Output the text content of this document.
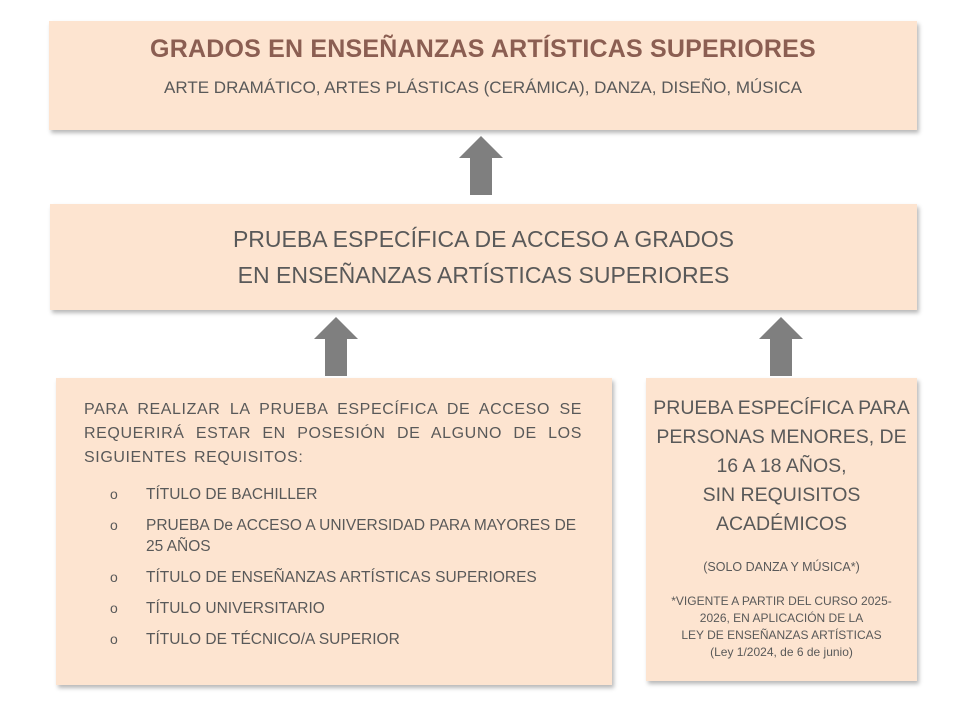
GRADOS EN ENSEÑANZAS ARTÍSTICAS SUPERIORES
ARTE DRAMÁTICO, ARTES PLÁSTICAS (CERÁMICA), DANZA, DISEÑO, MÚSICA
PRUEBA ESPECÍFICA DE ACCESO A GRADOS
EN ENSEÑANZAS ARTÍSTICAS SUPERIORES

PARA REALIZAR LA PRUEBA ESPECÍFICA DE ACCESO SE REQUERIRÁ ESTAR EN POSESIÓN DE ALGUNO DE LOS SIGUIENTES REQUISITOS:

o	TÍTULO DE BACHILLER
o	PRUEBA De ACCESO A UNIVERSIDAD PARA MAYORES DE 25 AÑOS
o	TÍTULO DE ENSEÑANZAS ARTÍSTICAS SUPERIORES
o	TÍTULO UNIVERSITARIO
o	TÍTULO DE TÉCNICO/A SUPERIOR
PRUEBA ESPECÍFICA PARA
PERSONAS MENORES, DE
16 A 18 AÑOS,
SIN REQUISITOS
ACADÉMICOS
(SOLO DANZA Y MÚSICA*)
*VIGENTE A PARTIR DEL CURSO 2025-
2026, EN APLICACIÓN DE LA
LEY DE ENSEÑANZAS ARTÍSTICAS
(Ley 1/2024, de 6 de junio)
